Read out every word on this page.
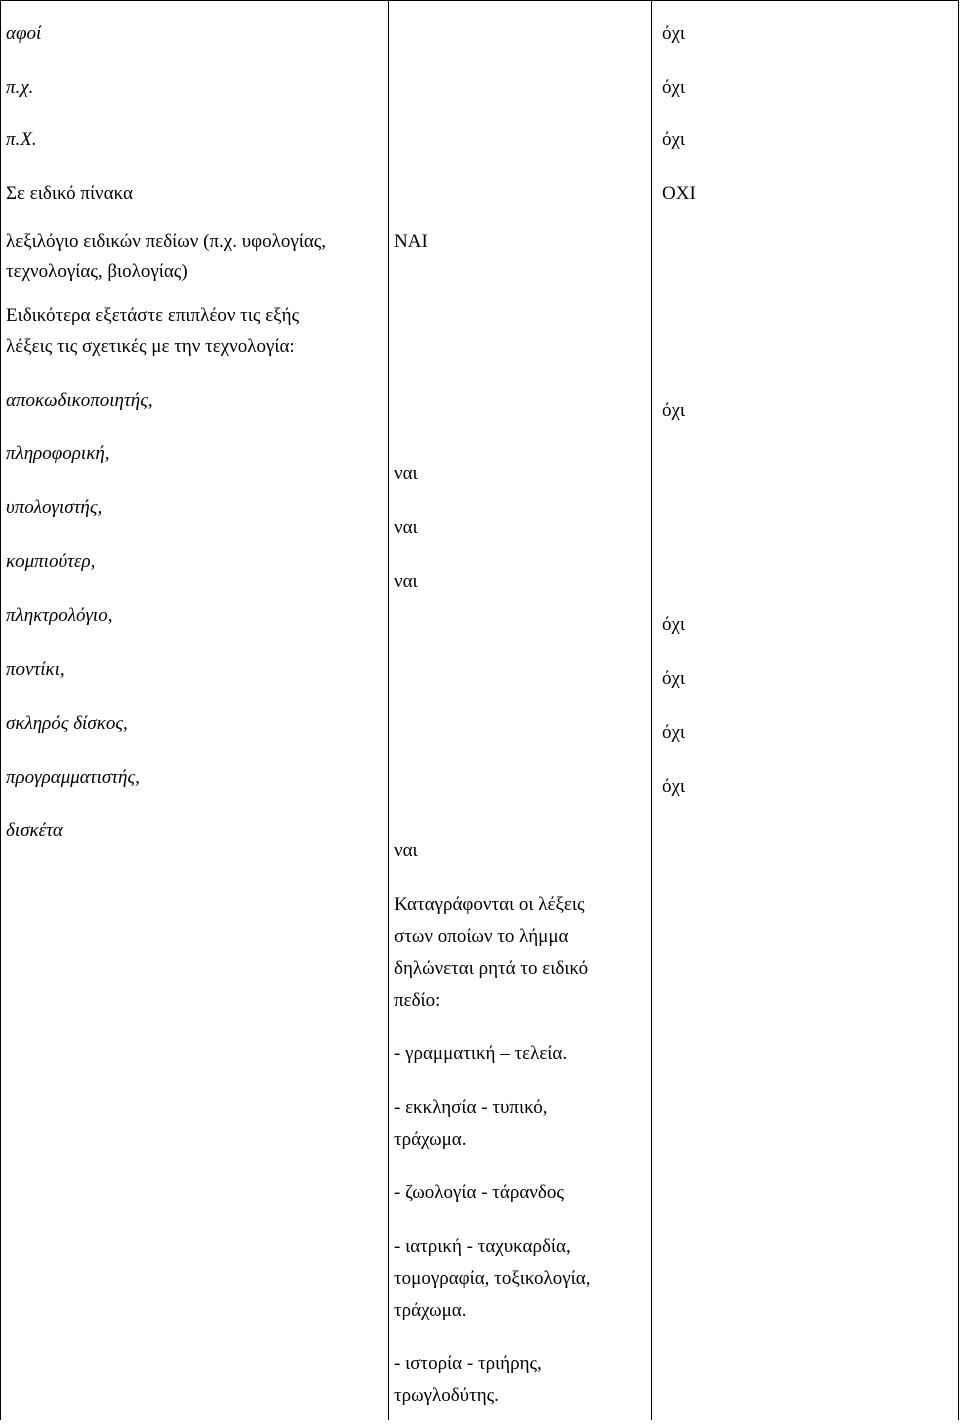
αφοί
π.χ.
π.Χ.
Σε ειδικό πίνακα
λεξιλόγιο ειδικών πεδίων (π.χ. υφολογίας,
τεχνολογίας, βιολογίας)
Ειδικότερα εξετάστε επιπλέον τις εξής
λέξεις τις σχετικές με την τεχνολογία:
αποκωδικοποιητής,
πληροφορική,
υπολογιστής,
κομπιούτερ,
πληκτρολόγιο,
ποντίκι,
σκληρός δίσκος,
προγραμματιστής,
δισκέτα
ΝΑΙ
ναι
ναι
ναι
ναι
Καταγράφονται οι λέξεις
στων οποίων το λήμμα
δηλώνεται ρητά το ειδικό
πεδίο:
- γραμματική – τελεία.
- εκκλησία - τυπικό,
τράχωμα.
- ζωολογία - τάρανδος
- ιατρική - ταχυκαρδία,
τομογραφία, τοξικολογία,
τράχωμα.
- ιστορία - τριήρης,
τρωγλοδύτης.
όχι
όχι
όχι
ΟΧΙ
όχι
όχι
όχι
όχι
όχι
